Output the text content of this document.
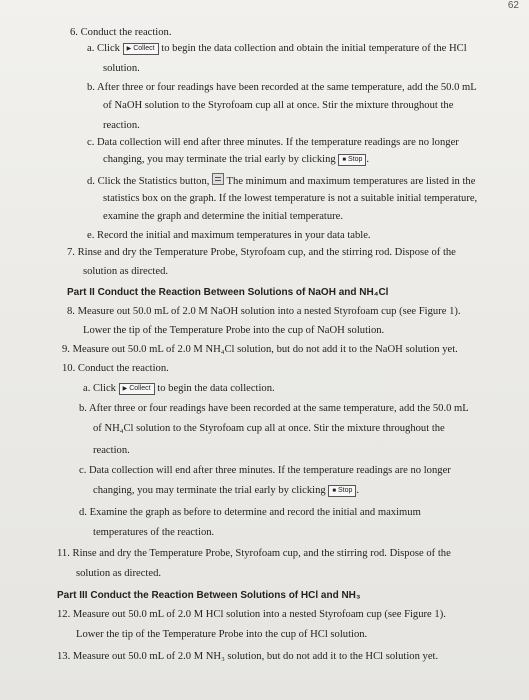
62
6. Conduct the reaction.
a. Click ▶ Collect to begin the data collection and obtain the initial temperature of the HCl
solution.
b. After three or four readings have been recorded at the same temperature, add the 50.0 mL
of NaOH solution to the Styrofoam cup all at once. Stir the mixture throughout the
reaction.
c. Data collection will end after three minutes. If the temperature readings are no longer
changing, you may terminate the trial early by clicking ■ Stop .
d. Click the Statistics button, The minimum and maximum temperatures are listed in the
statistics box on the graph. If the lowest temperature is not a suitable initial temperature,
examine the graph and determine the initial temperature.
e. Record the initial and maximum temperatures in your data table.
7. Rinse and dry the Temperature Probe, Styrofoam cup, and the stirring rod. Dispose of the
solution as directed.
Part II Conduct the Reaction Between Solutions of NaOH and NH₄Cl
8. Measure out 50.0 mL of 2.0 M NaOH solution into a nested Styrofoam cup (see Figure 1).
Lower the tip of the Temperature Probe into the cup of NaOH solution.
9. Measure out 50.0 mL of 2.0 M NH₄Cl solution, but do not add it to the NaOH solution yet.
10. Conduct the reaction.
a. Click ▶ Collect to begin the data collection.
b. After three or four readings have been recorded at the same temperature, add the 50.0 mL
of NH₄Cl solution to the Styrofoam cup all at once. Stir the mixture throughout the
reaction.
c. Data collection will end after three minutes. If the temperature readings are no longer
changing, you may terminate the trial early by clicking ■ Stop .
d. Examine the graph as before to determine and record the initial and maximum
temperatures of the reaction.
11. Rinse and dry the Temperature Probe, Styrofoam cup, and the stirring rod. Dispose of the
solution as directed.
Part III Conduct the Reaction Between Solutions of HCl and NH₃
12. Measure out 50.0 mL of 2.0 M HCl solution into a nested Styrofoam cup (see Figure 1).
Lower the tip of the Temperature Probe into the cup of HCl solution.
13. Measure out 50.0 mL of 2.0 M NH₃ solution, but do not add it to the HCl solution yet.
